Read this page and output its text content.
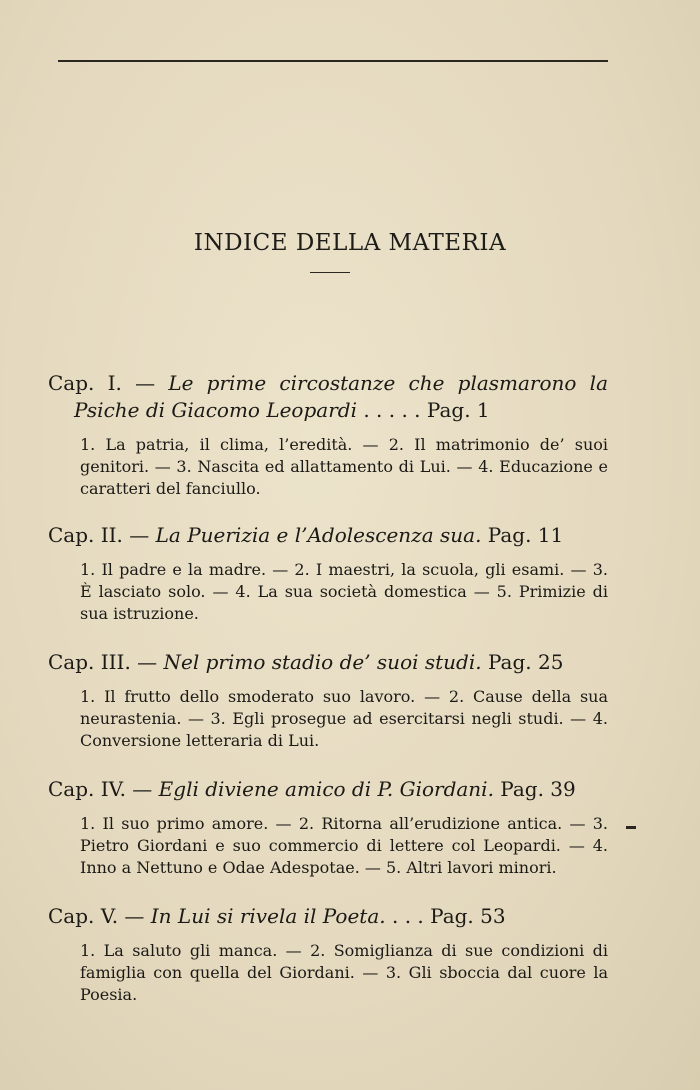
INDICE DELLA MATERIA
Cap. I. — Le prime circostanze che plasmarono la Psiche di Giacomo Leopardi . . . . . Pag. 1
1. La patria, il clima, l’eredità. — 2. Il matrimonio de’ suoi genitori. — 3. Nascita ed allattamento di Lui. — 4. Educazione e caratteri del fanciullo.
Cap. II. — La Puerizia e l’Adolescenza sua. Pag. 11
1. Il padre e la madre. — 2. I maestri, la scuola, gli esami. — 3. È lasciato solo. — 4. La sua società domestica — 5. Primizie di sua istruzione.
Cap. III. — Nel primo stadio de’ suoi studi. Pag. 25
1. Il frutto dello smoderato suo lavoro. — 2. Cause della sua neurastenia. — 3. Egli prosegue ad esercitarsi negli studi. — 4. Conversione letteraria di Lui.
Cap. IV. — Egli diviene amico di P. Giordani. Pag. 39
1. Il suo primo amore. — 2. Ritorna all’erudizione antica. — 3. Pietro Giordani e suo commercio di lettere col Leopardi. — 4. Inno a Nettuno e Odae Adespotae. — 5. Altri lavori minori.
Cap. V. — In Lui si rivela il Poeta. . . . Pag. 53
1. La saluto gli manca. — 2. Somiglianza di sue condizioni di famiglia con quella del Giordani. — 3. Gli sboccia dal cuore la Poesia.
